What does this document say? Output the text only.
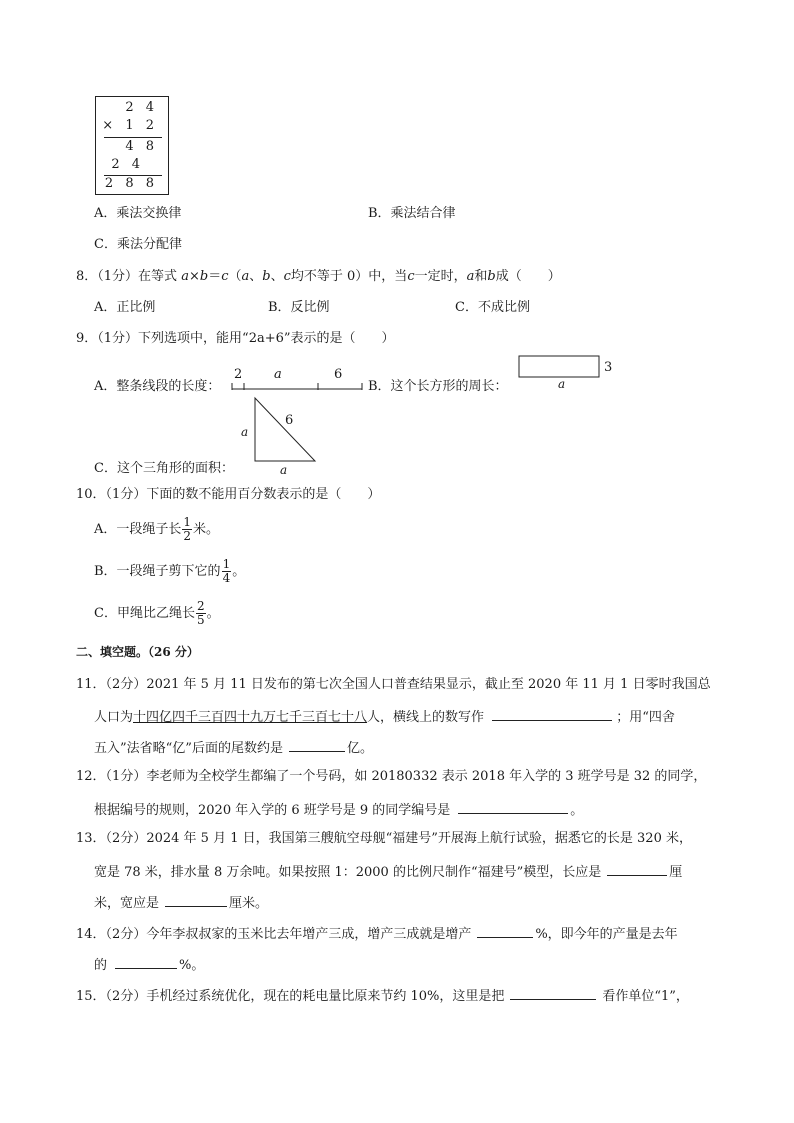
2 4
× 1 2
4 8
2 4
2 8 8
A．乘法交换律	B．乘法结合律
C．乘法分配律
8．（1分）在等式 a×b＝c（a、b、c均不等于 0）中，当c一定时，a和b成（　　）
A．正比例	B．反比例	C．不成比例
9．（1分）下列选项中，能用“2a+6”表示的是（　　）
A．整条线段的长度：
2 a	6
B．这个长方形的周长：
3
a
a
6
a
C．这个三角形的面积：
10．（1分）下面的数不能用百分数表示的是（　　）
A．一段绳子长 $\frac{1}{2}$ 米。
B．一段绳子剪下它的 $\frac{1}{4}$ 。
C．甲绳比乙绳长 $\frac{2}{5}$ 。
二、填空题。（26 分）
11．（2分）2021 年 5 月 11 日发布的第七次全国人口普查结果显示，截止至 2020 年 11 月 1 日零时我国总
人口为十四亿四千三百四十九万七千三百七十八人，横线上的数写作	；用“四舍
五入”法省略“亿”后面的尾数约是	亿。
12．（1分）李老师为全校学生都编了一个号码，如 20180332 表示 2018 年入学的 3 班学号是 32 的同学，
根据编号的规则，2020 年入学的 6 班学号是 9 的同学编号是	。
13．（2分）2024 年 5 月 1 日，我国第三艘航空母舰“福建号”开展海上航行试验，据悉它的长是 320 米，
宽是 78 米，排水量 8 万余吨。如果按照 1：2000 的比例尺制作“福建号”模型，长应是	厘
米，宽应是	厘米。
14．（2分）今年李叔叔家的玉米比去年增产三成，增产三成就是增产	%，即今年的产量是去年
的	%。
15．（2分）手机经过系统优化，现在的耗电量比原来节约 10%，这里是把	看作单位“1”，
